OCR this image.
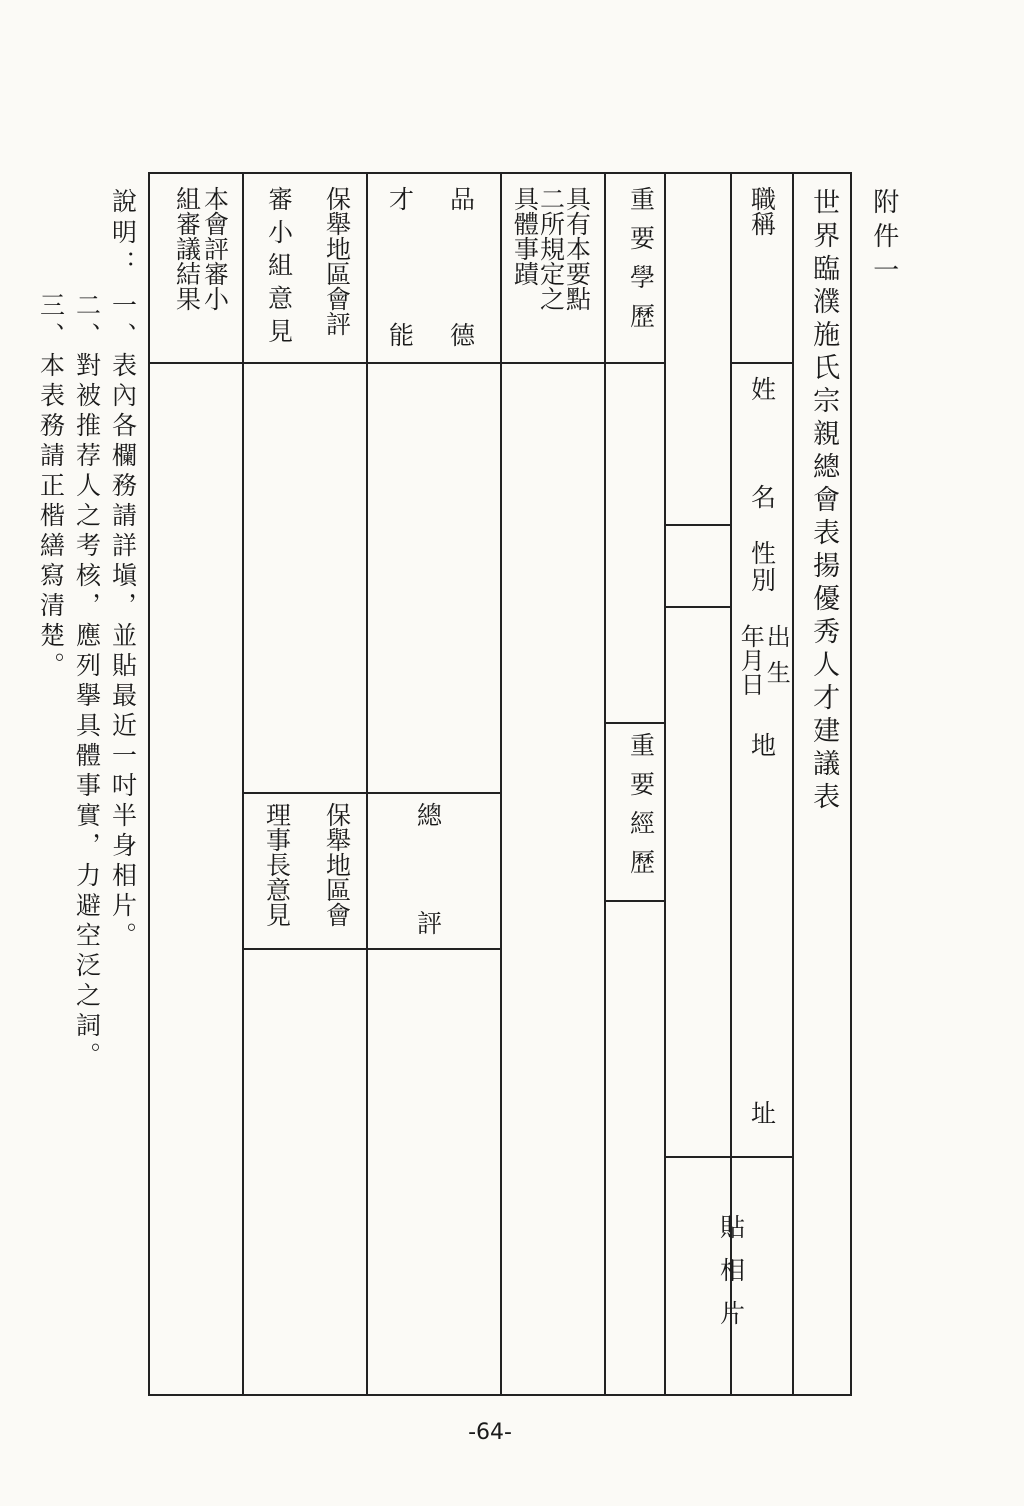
附件一
世界臨濮施氏宗親總會表揚優秀人才建議表
職稱
姓
名
性別
出生
年月日
地
址
貼相片
重要學歷
重要經歷
具有本要點
二所規定之
具體事蹟
品
德
才
能
總
評
保舉地區會評
審小組意見
保舉地區會
理事長意見
本會評審小
組審議結果
說明：
一、表內各欄務請詳塡，並貼最近一吋半身相片。
二、對被推荐人之考核，應列擧具體事實，力避空泛之詞。
三、本表務請正楷繕寫清楚。
-64-
